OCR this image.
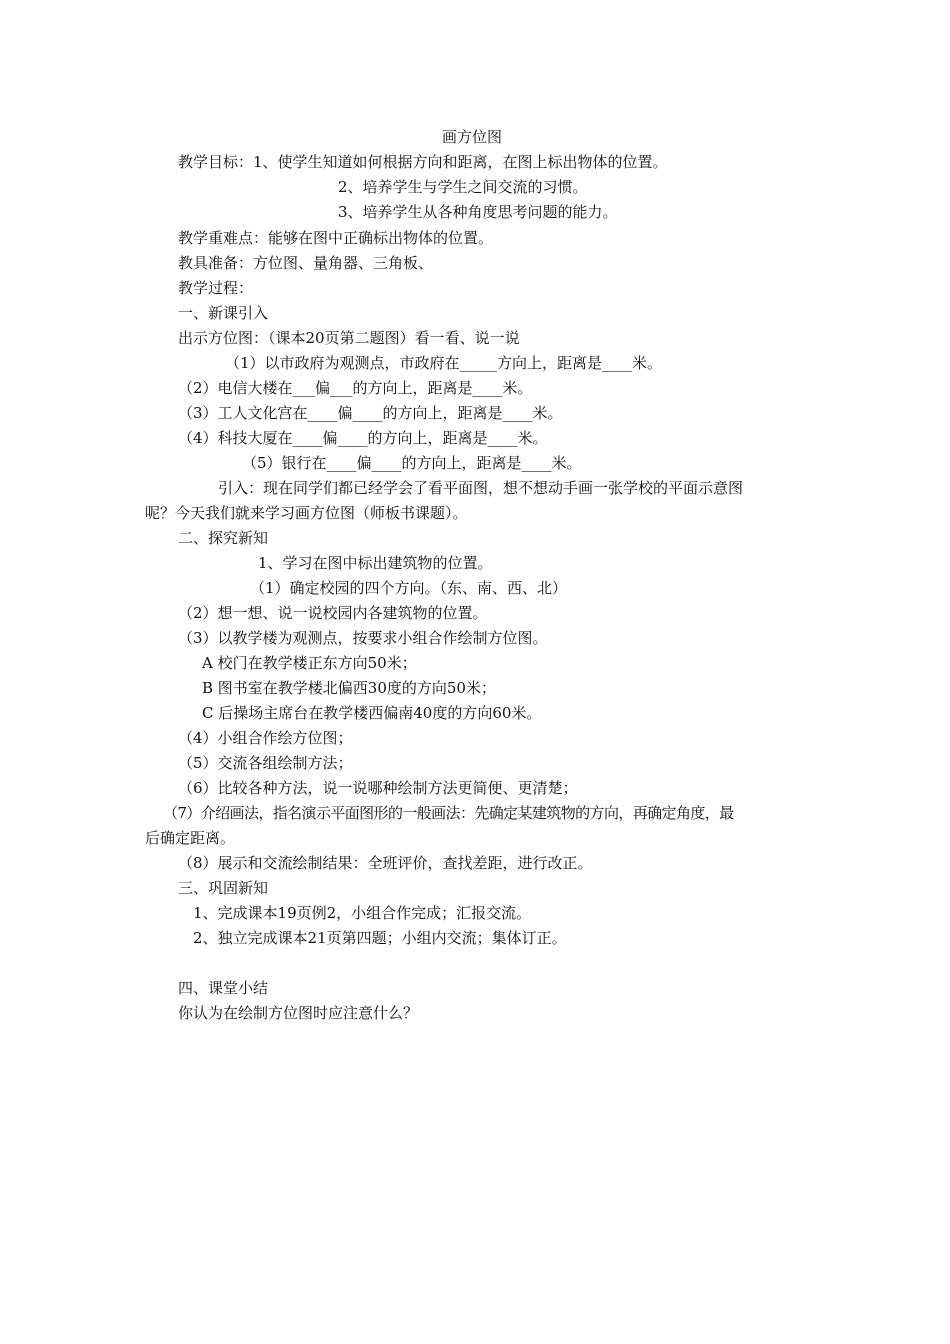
画方位图
教学目标：1、使学生知道如何根据方向和距离，在图上标出物体的位置。
2、培养学生与学生之间交流的习惯。
3、培养学生从各种角度思考问题的能力。
教学重难点：能够在图中正确标出物体的位置。
教具准备：方位图、量角器、三角板、
教学过程：
一、新课引入
出示方位图：（课本20页第二题图）看一看、说一说
（1）以市政府为观测点，市政府在_____方向上，距离是____米。
（2）电信大楼在___偏___的方向上，距离是____米。
（3）工人文化宫在____偏____的方向上，距离是____米。
（4）科技大厦在____偏____的方向上，距离是____米。
（5）银行在____偏____的方向上，距离是____米。
引入：现在同学们都已经学会了看平面图，想不想动手画一张学校的平面示意图
呢？今天我们就来学习画方位图（师板书课题）。
二、探究新知
1、学习在图中标出建筑物的位置。
（1）确定校园的四个方向。（东、南、西、北）
（2）想一想、说一说校园内各建筑物的位置。
（3）以教学楼为观测点，按要求小组合作绘制方位图。
A 校门在教学楼正东方向50米；
B 图书室在教学楼北偏西30度的方向50米；
C 后操场主席台在教学楼西偏南40度的方向60米。
（4）小组合作绘方位图；
（5）交流各组绘制方法；
（6）比较各种方法，说一说哪种绘制方法更简便、更清楚；
（7）介绍画法，指名演示平面图形的一般画法：先确定某建筑物的方向，再确定角度，最
后确定距离。
（8）展示和交流绘制结果：全班评价，查找差距，进行改正。
三、巩固新知
1、完成课本19页例2，小组合作完成；汇报交流。
2、独立完成课本21页第四题；小组内交流；集体订正。
四、课堂小结
你认为在绘制方位图时应注意什么？
